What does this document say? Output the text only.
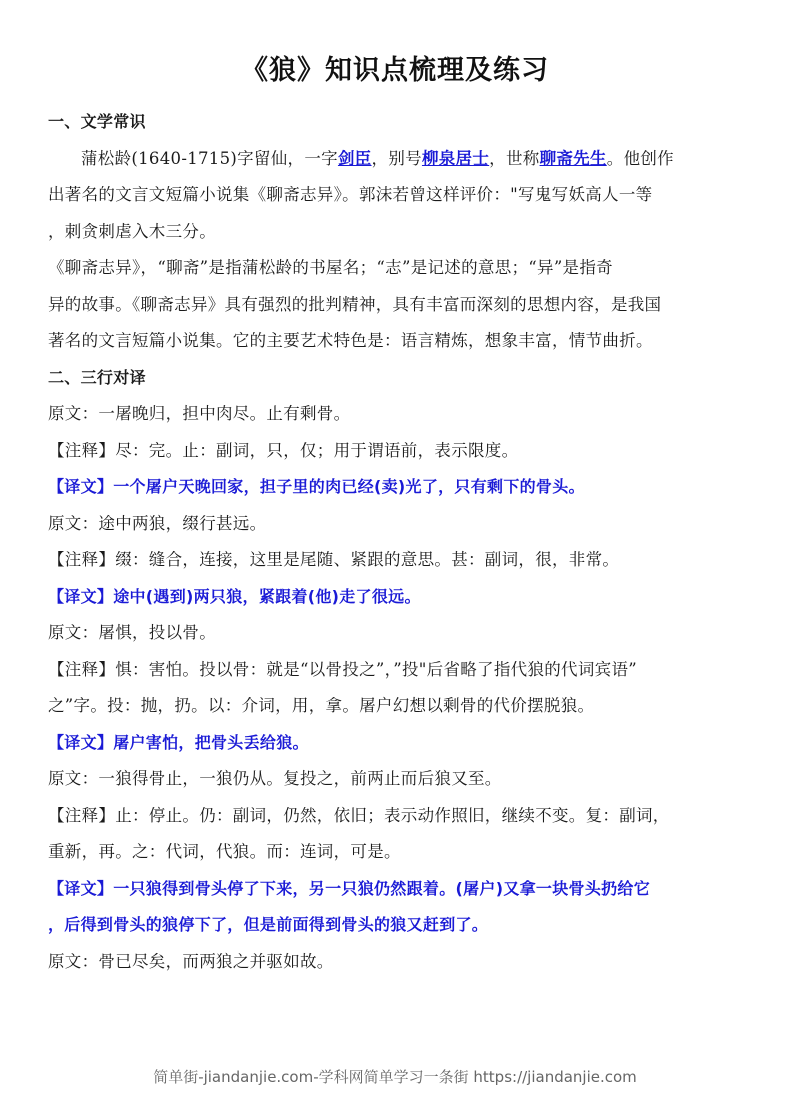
《狼》知识点梳理及练习
一、文学常识
蒲松龄(1640-1715)字留仙，一字剑臣，别号柳泉居士，世称聊斋先生。他创作
出著名的文言文短篇小说集《聊斋志异》。郭沫若曾这样评价："写鬼写妖高人一等
，刺贪刺虐入木三分。
《聊斋志异》，“聊斋”是指蒲松龄的书屋名；“志”是记述的意思；“异”是指奇
异的故事。《聊斋志异》具有强烈的批判精神，具有丰富而深刻的思想内容，是我国
著名的文言短篇小说集。它的主要艺术特色是：语言精炼，想象丰富，情节曲折。
二、三行对译
原文：一屠晚归，担中肉尽。止有剩骨。
【注释】尽：完。止：副词，只，仅；用于谓语前，表示限度。
【译文】一个屠户天晚回家，担子里的肉已经(卖)光了，只有剩下的骨头。
原文：途中两狼，缀行甚远。
【注释】缀：缝合，连接，这里是尾随、紧跟的意思。甚：副词，很，非常。
【译文】途中(遇到)两只狼，紧跟着(他)走了很远。
原文：屠惧，投以骨。
【注释】惧：害怕。投以骨：就是“以骨投之”，”投"后省略了指代狼的代词宾语”
之”字。投：抛，扔。以：介词，用，拿。屠户幻想以剩骨的代价摆脱狼。
【译文】屠户害怕，把骨头丢给狼。
原文：一狼得骨止，一狼仍从。复投之，前两止而后狼又至。
【注释】止：停止。仍：副词，仍然，依旧；表示动作照旧，继续不变。复：副词，
重新，再。之：代词，代狼。而：连词，可是。
【译文】一只狼得到骨头停了下来，另一只狼仍然跟着。(屠户)又拿一块骨头扔给它
，后得到骨头的狼停下了，但是前面得到骨头的狼又赶到了。
原文：骨已尽矣，而两狼之并驱如故。
简单街-jiandanjie.com-学科网简单学习一条街 https://jiandanjie.com
